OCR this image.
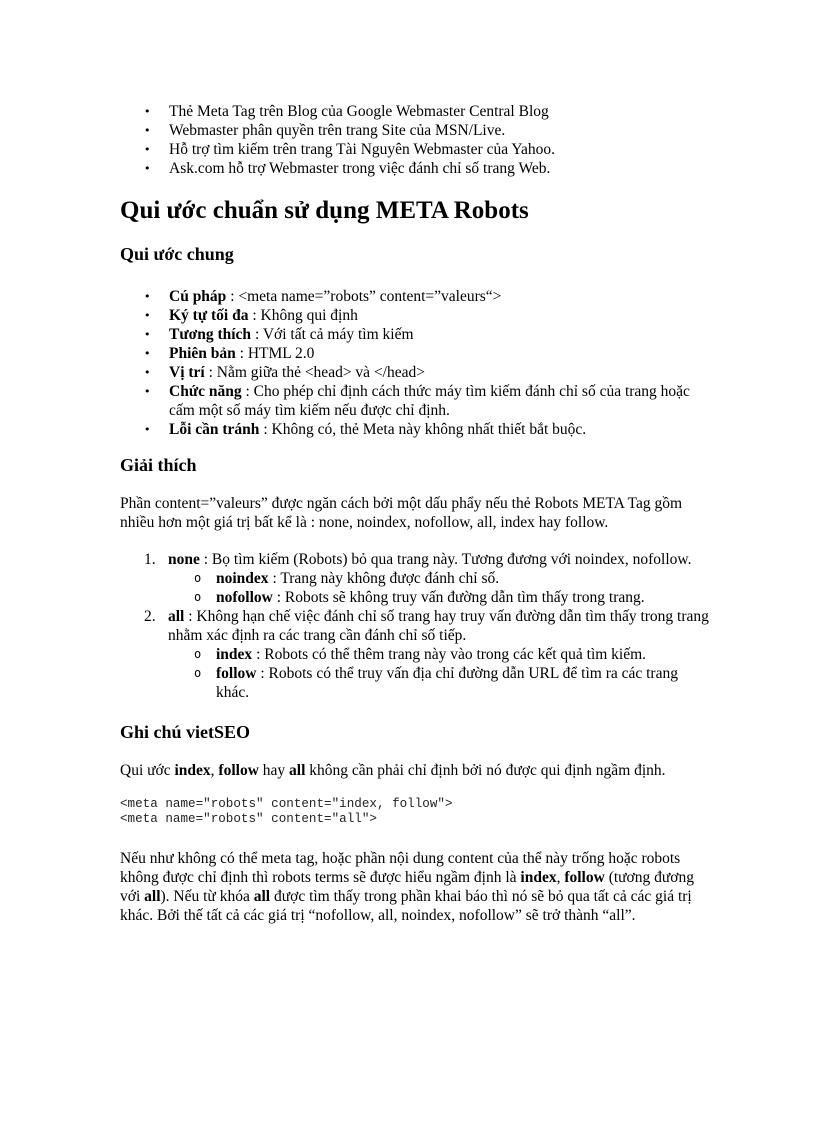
• Thẻ Meta Tag trên Blog của Google Webmaster Central Blog
• Webmaster phân quyền trên trang Site của MSN/Live.
• Hỗ trợ tìm kiếm trên trang Tài Nguyên Webmaster của Yahoo.
• Ask.com hỗ trợ Webmaster trong việc đánh chỉ số trang Web.
Qui ước chuẩn sử dụng META Robots
Qui ước chung
• Cú pháp : <meta name=”robots” content=”valeurs“>
• Ký tự tối đa : Không qui định
• Tương thích : Với tất cả máy tìm kiếm
• Phiên bản : HTML 2.0
• Vị trí : Nằm giữa thẻ <head> và </head>
• Chức năng : Cho phép chỉ định cách thức máy tìm kiếm đánh chỉ số của trang hoặc cấm một số máy tìm kiếm nếu được chỉ định.
• Lỗi cần tránh : Không có, thẻ Meta này không nhất thiết bắt buộc.
Giải thích

Phần content=”valeurs” được ngăn cách bởi một dấu phẩy nếu thẻ Robots META Tag gồm nhiều hơn một giá trị bất kể là : none, noindex, nofollow, all, index hay follow.

1. none : Bọ tìm kiếm (Robots) bỏ qua trang này. Tương đương với noindex, nofollow.
o noindex : Trang này không được đánh chỉ số.
o nofollow : Robots sẽ không truy vấn đường dẫn tìm thấy trong trang.
2. all : Không hạn chế việc đánh chỉ số trang hay truy vấn đường dẫn tìm thấy trong trang nhằm xác định ra các trang cần đánh chỉ số tiếp.
o index : Robots có thể thêm trang này vào trong các kết quả tìm kiếm.
o follow : Robots có thể truy vấn địa chỉ đường dẫn URL để tìm ra các trang khác.
Ghi chú vietSEO

Qui ước index, follow hay all không cần phải chỉ định bởi nó được qui định ngầm định.

<meta name="robots" content="index, follow">
<meta name="robots" content="all">

Nếu như không có thể meta tag, hoặc phần nội dung content của thể này trống hoặc robots không được chỉ định thì robots terms sẽ được hiểu ngầm định là index, follow (tương đương với all). Nếu từ khóa all được tìm thấy trong phần khai báo thì nó sẽ bỏ qua tất cả các giá trị khác. Bởi thế tất cả các giá trị “nofollow, all, noindex, nofollow” sẽ trở thành “all”.
